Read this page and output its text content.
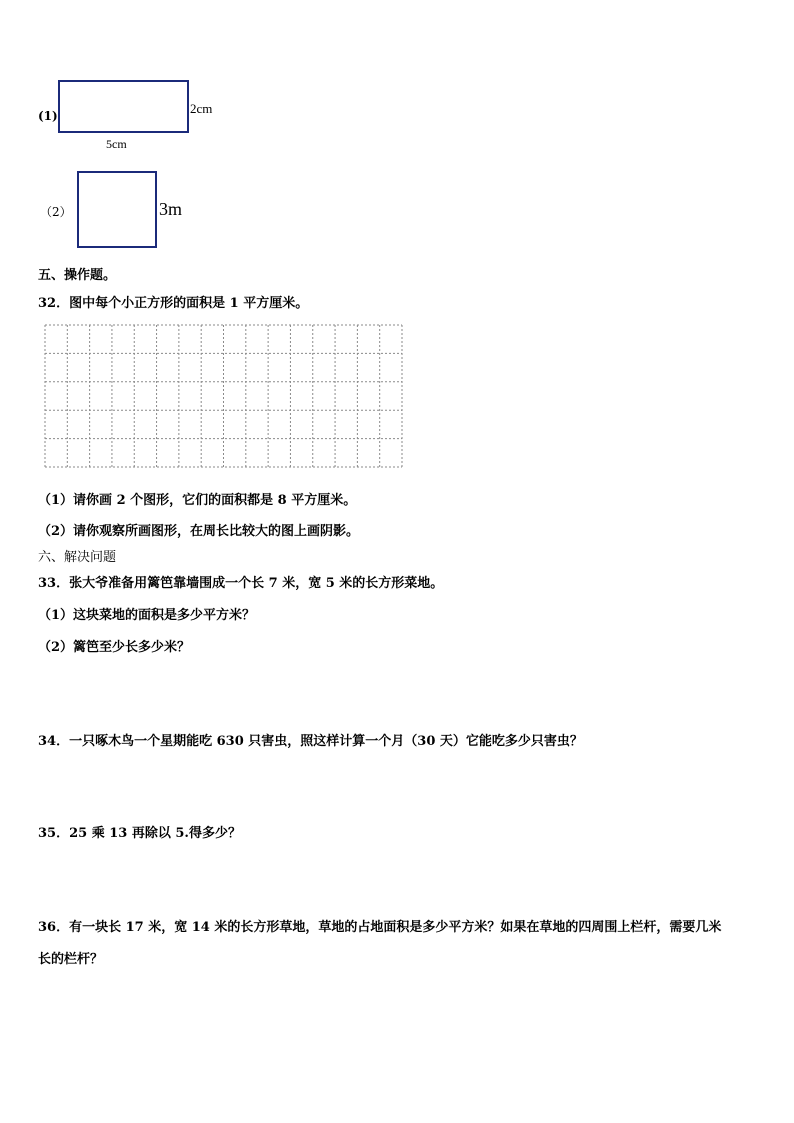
(1)	2cm
5cm
（2）	3m
五、操作题。
32．图中每个小正方形的面积是 1 平方厘米。
（1）请你画 2 个图形，它们的面积都是 8 平方厘米。
（2）请你观察所画图形，在周长比较大的图上画阴影。
六、解决问题
33．张大爷准备用篱笆靠墙围成一个长 7 米，宽 5 米的长方形菜地。
（1）这块菜地的面积是多少平方米？
（2）篱笆至少长多少米？
34．一只啄木鸟一个星期能吃 630 只害虫，照这样计算一个月（30 天）它能吃多少只害虫？
35．25 乘 13 再除以 5.得多少？
36．有一块长 17 米，宽 14 米的长方形草地，草地的占地面积是多少平方米？如果在草地的四周围上栏杆，需要几米
长的栏杆？
